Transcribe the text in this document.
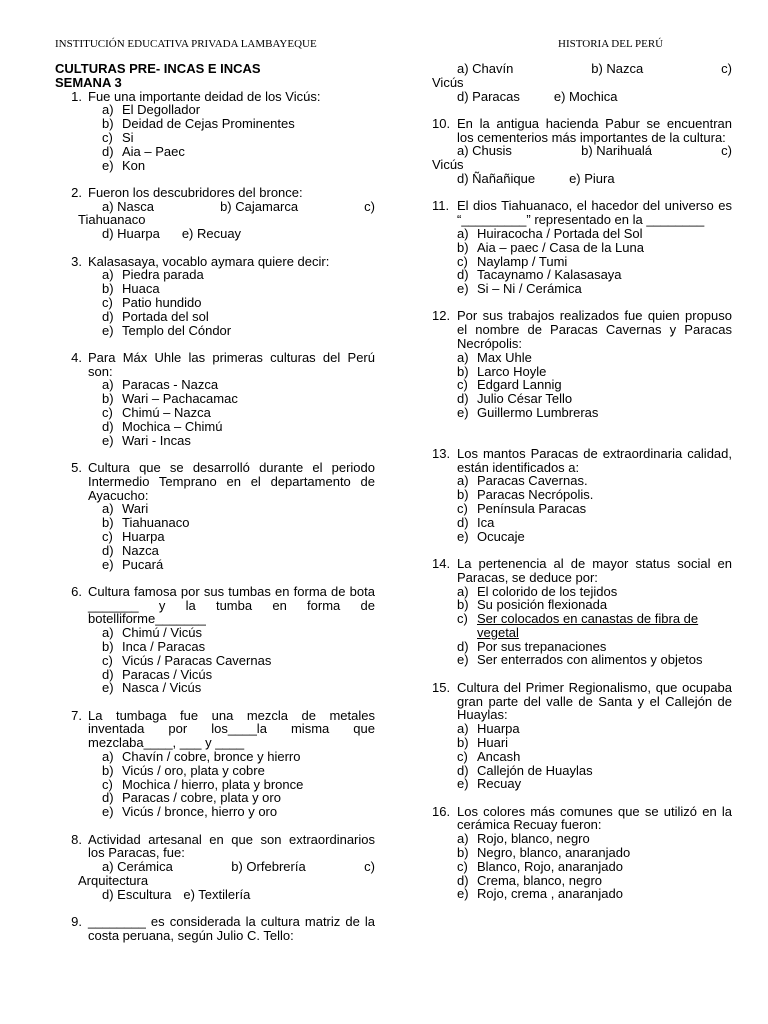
INSTITUCIÓN EDUCATIVA PRIVADA LAMBAYEQUE	HISTORIA DEL PERÚ
CULTURAS PRE- INCAS E INCAS
SEMANA 3
1. Fue una importante deidad de los Vicús:
a) El Degollador
b) Deidad de Cejas Prominentes
c) Si
d) Aia – Paec
e) Kon
2. Fueron los descubridores del bronce:
a) Nasca	b) Cajamarca	c)
Tiahuanaco
d) Huarpa e) Recuay
3. Kalasasaya, vocablo aymara quiere decir:
a) Piedra parada
b) Huaca
c) Patio hundido
d) Portada del sol
e) Templo del Cóndor
4. Para Máx Uhle las primeras culturas del Perú son:
a) Paracas - Nazca
b) Wari – Pachacamac
c) Chimú – Nazca
d) Mochica – Chimú
e) Wari - Incas
5. Cultura que se desarrolló durante el periodo Intermedio Temprano en el departamento de Ayacucho:
a) Wari
b) Tiahuanaco
c) Huarpa
d) Nazca
e) Pucará
6. Cultura famosa por sus tumbas en forma de bota _______ y la tumba en forma de botelliforme_______
a) Chimú / Vicús
b) Inca / Paracas
c) Vicús / Paracas Cavernas
d) Paracas / Vicús
e) Nasca / Vicús
7. La tumbaga fue una mezcla de metales inventada por los____la misma que mezclaba____, ___ y ____
a) Chavín / cobre, bronce y hierro
b) Vicús / oro, plata y cobre
c) Mochica / hierro, plata y bronce
d) Paracas / cobre, plata y oro
e) Vicús / bronce, hierro y oro
8. Actividad artesanal en que son extraordinarios los Paracas, fue:
a) Cerámica	b) Orfebrería	c)
Arquitectura
d) Escultura e) Textilería
9. ________ es considerada la cultura matriz de la costa peruana, según Julio C. Tello:
a) Chavín	b) Nazca	c)
Vicús
d) Paracas	e) Mochica
10. En la antigua hacienda Pabur se encuentran los cementerios más importantes de la cultura:
a) Chusis	b) Narihualá	c)
Vicús
d) Ñañañique	e) Piura
11. El dios Tiahuanaco, el hacedor del universo es “_________” representado en la ________
a) Huiracocha / Portada del Sol
b) Aia – paec / Casa de la Luna
c) Naylamp / Tumi
d) Tacaynamo / Kalasasaya
e) Si – Ni / Cerámica
12. Por sus trabajos realizados fue quien propuso el nombre de Paracas Cavernas y Paracas Necrópolis:
a) Max Uhle
b) Larco Hoyle
c) Edgard Lannig
d) Julio César Tello
e) Guillermo Lumbreras
13. Los mantos Paracas de extraordinaria calidad, están identificados a:
a) Paracas Cavernas.
b) Paracas Necrópolis.
c) Península Paracas
d) Ica
e) Ocucaje
14. La pertenencia al de mayor status social en Paracas, se deduce por:
a) El colorido de los tejidos
b) Su posición flexionada
c) Ser colocados en canastas de fibra de vegetal
d) Por sus trepanaciones
e) Ser enterrados con alimentos y objetos
15. Cultura del Primer Regionalismo, que ocupaba gran parte del valle de Santa y el Callejón de Huaylas:
a) Huarpa
b) Huari
c) Ancash
d) Callejón de Huaylas
e) Recuay
16. Los colores más comunes que se utilizó en la cerámica Recuay fueron:
a) Rojo, blanco, negro
b) Negro, blanco, anaranjado
c) Blanco, Rojo, anaranjado
d) Crema, blanco, negro
e) Rojo, crema , anaranjado
